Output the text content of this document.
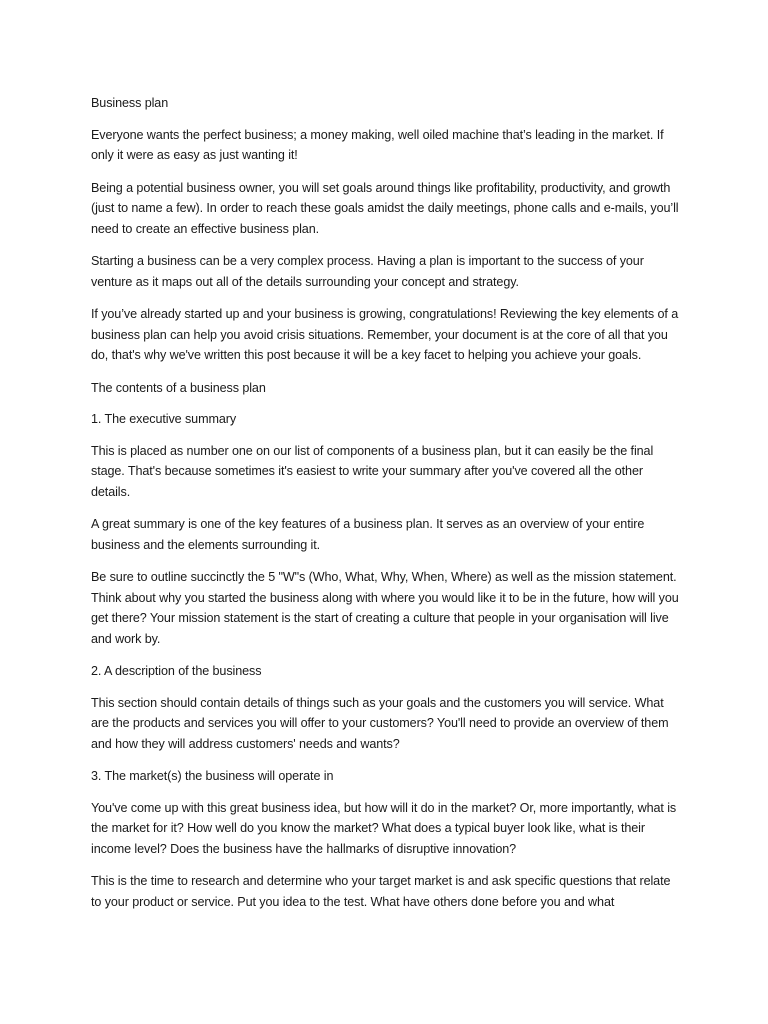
Business plan

Everyone wants the perfect business; a money making, well oiled machine that’s leading in the market. If only it were as easy as just wanting it!

Being a potential business owner, you will set goals around things like profitability, productivity, and growth (just to name a few). In order to reach these goals amidst the daily meetings, phone calls and e-mails, you’ll need to create an effective business plan.

Starting a business can be a very complex process. Having a plan is important to the success of your venture as it maps out all of the details surrounding your concept and strategy.

If you’ve already started up and your business is growing, congratulations! Reviewing the key elements of a business plan can help you avoid crisis situations. Remember, your document is at the core of all that you do, that's why we've written this post because it will be a key facet to helping you achieve your goals.

The contents of a business plan

1. The executive summary

This is placed as number one on our list of components of a business plan, but it can easily be the final stage. That's because sometimes it's easiest to write your summary after you've covered all the other details.

A great summary is one of the key features of a business plan. It serves as an overview of your entire business and the elements surrounding it.

Be sure to outline succinctly the 5 "W"s (Who, What, Why, When, Where) as well as the mission statement. Think about why you started the business along with where you would like it to be in the future, how will you get there? Your mission statement is the start of creating a culture that people in your organisation will live and work by.

2. A description of the business

This section should contain details of things such as your goals and the customers you will service. What are the products and services you will offer to your customers? You'll need to provide an overview of them and how they will address customers' needs and wants?

3. The market(s) the business will operate in

You've come up with this great business idea, but how will it do in the market? Or, more importantly, what is the market for it? How well do you know the market? What does a typical buyer look like, what is their income level? Does the business have the hallmarks of disruptive innovation?

This is the time to research and determine who your target market is and ask specific questions that relate to your product or service. Put you idea to the test. What have others done before you and what
